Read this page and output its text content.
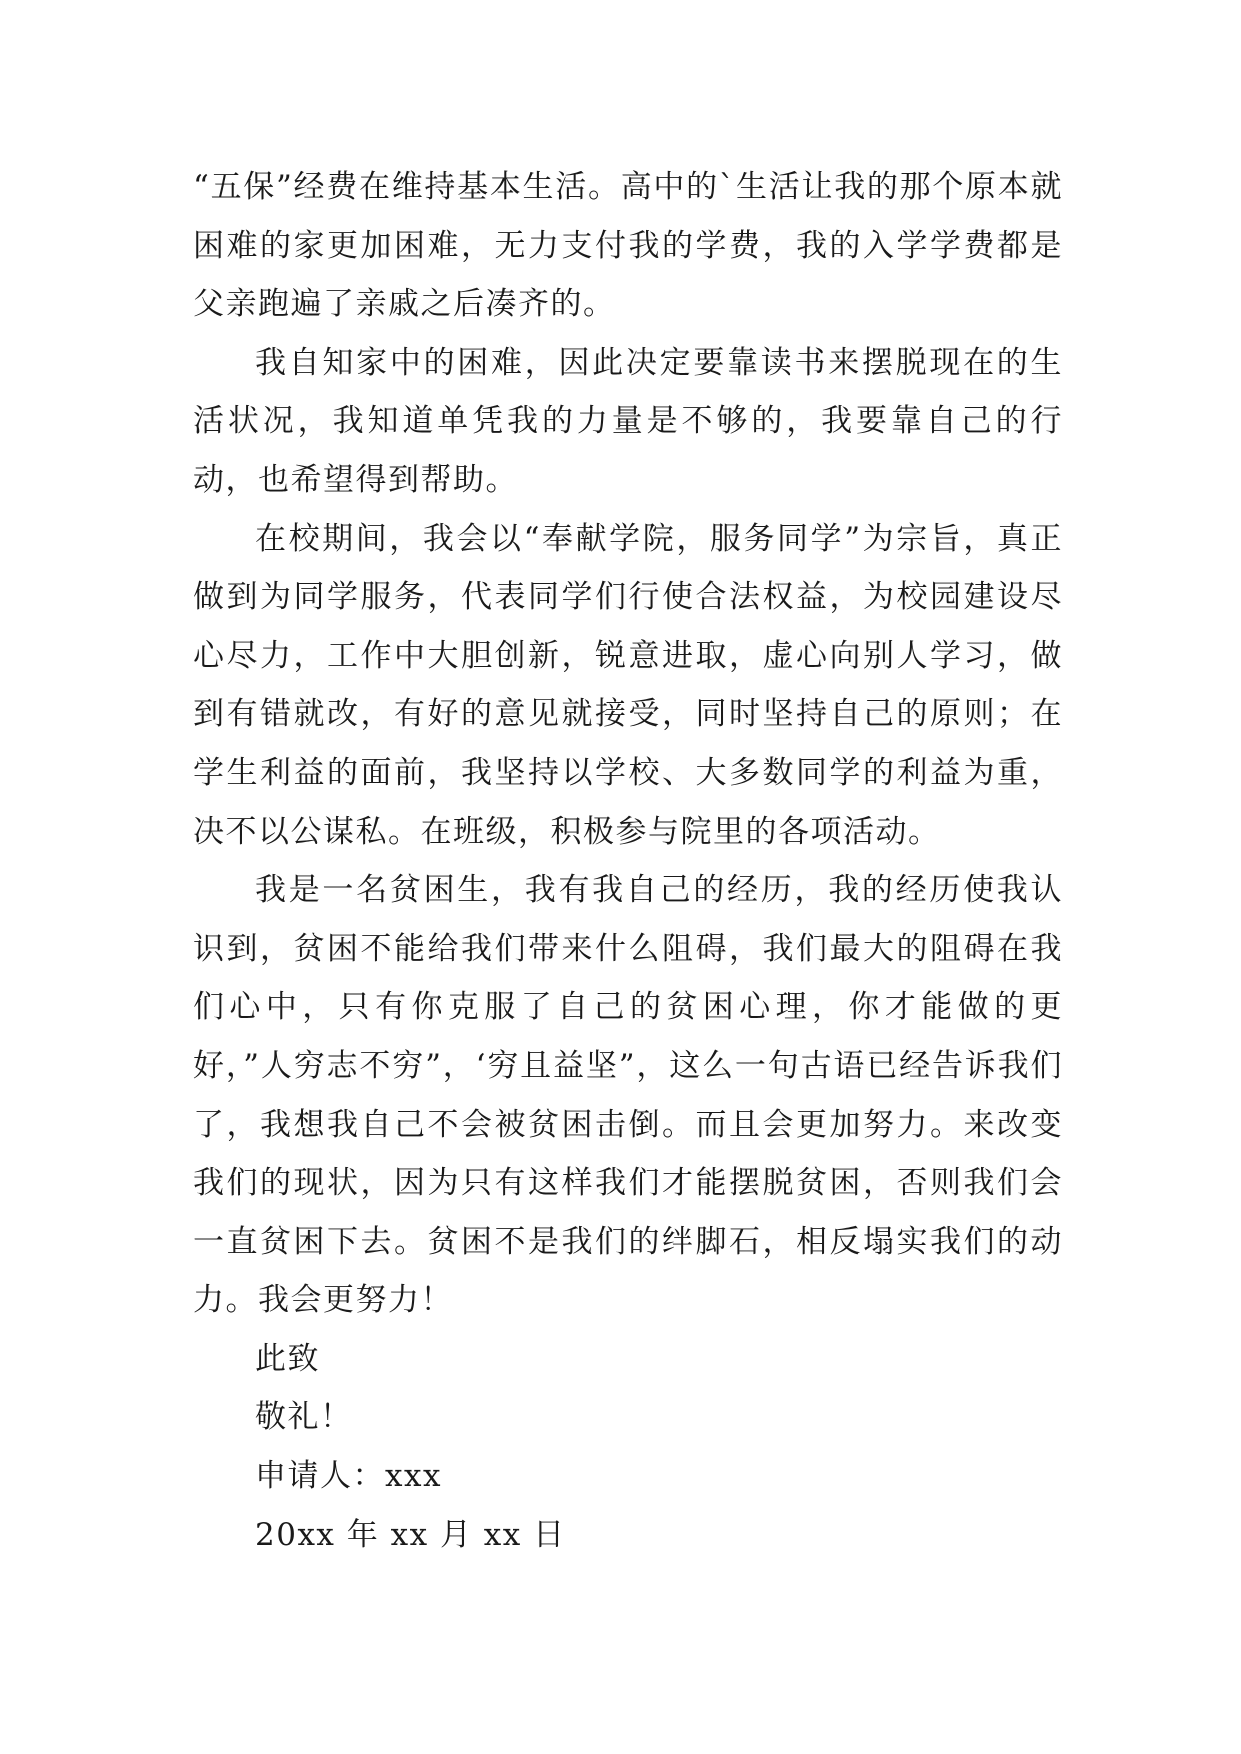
“五保”经费在维持基本生活。高中的`生活让我的那个原本就困难的家更加困难，无力支付我的学费，我的入学学费都是父亲跑遍了亲戚之后凑齐的。

我自知家中的困难，因此决定要靠读书来摆脱现在的生活状况，我知道单凭我的力量是不够的，我要靠自己的行动，也希望得到帮助。

在校期间，我会以“奉献学院，服务同学”为宗旨，真正做到为同学服务，代表同学们行使合法权益，为校园建设尽心尽力，工作中大胆创新，锐意进取，虚心向别人学习，做到有错就改，有好的意见就接受，同时坚持自己的原则；在学生利益的面前，我坚持以学校、大多数同学的利益为重，决不以公谋私。在班级，积极参与院里的各项活动。

我是一名贫困生，我有我自己的经历，我的经历使我认识到，贫困不能给我们带来什么阻碍，我们最大的阻碍在我们心中，只有你克服了自己的贫困心理，你才能做的更好，”人穷志不穷”，‘穷且益坚”，这么一句古语已经告诉我们了，我想我自己不会被贫困击倒。而且会更加努力。来改变我们的现状，因为只有这样我们才能摆脱贫困，否则我们会一直贫困下去。贫困不是我们的绊脚石，相反塌实我们的动力。我会更努力！

此致

敬礼！

申请人：xxx

20xx 年 xx 月 xx 日
